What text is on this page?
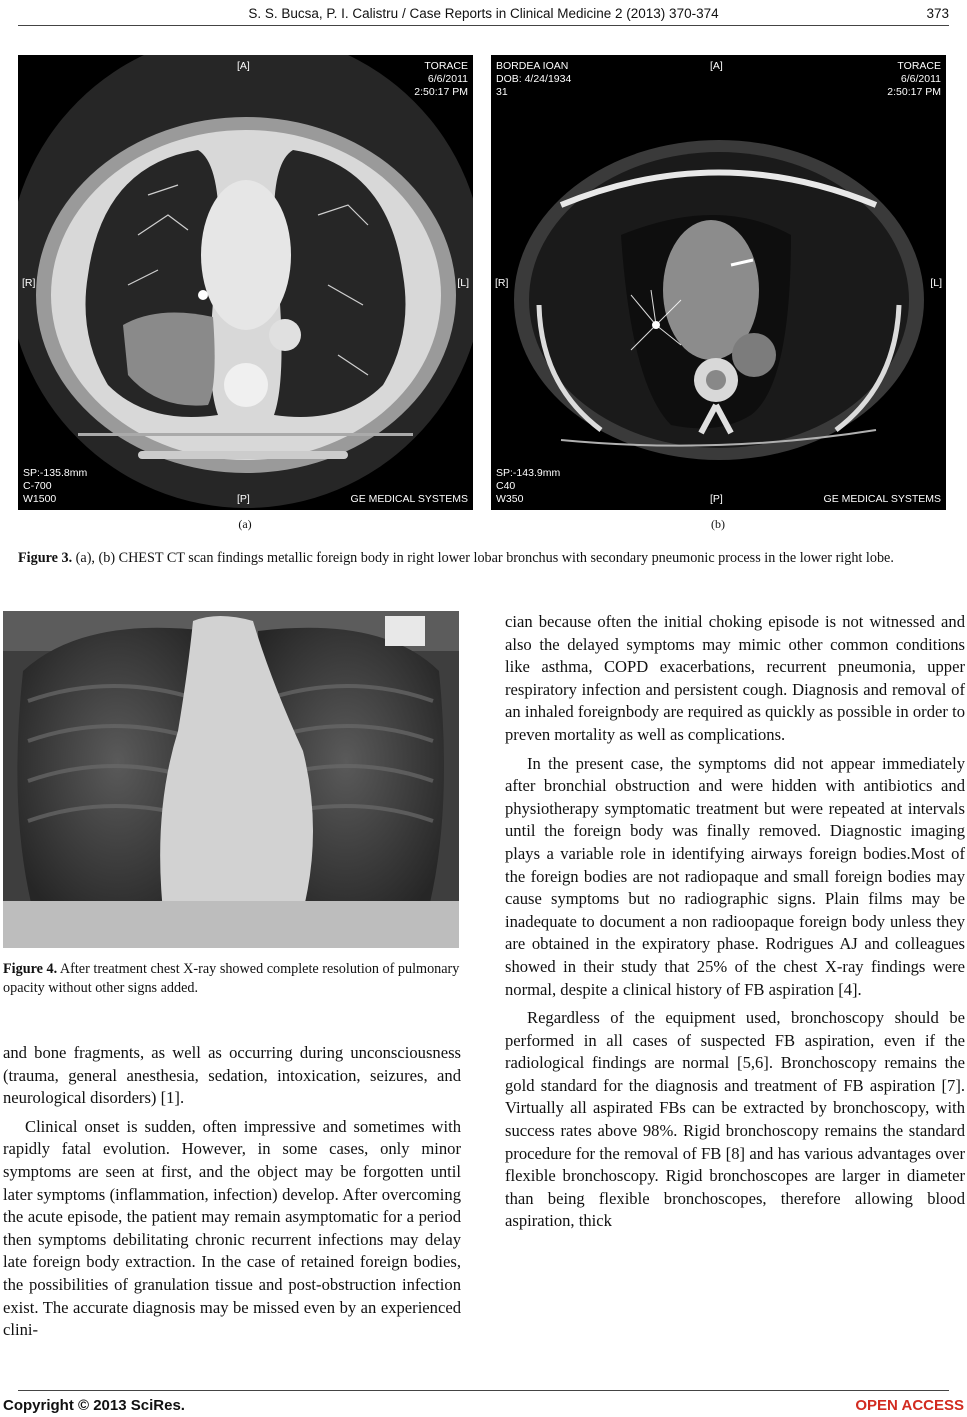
S. S. Bucsa, P. I. Calistru / Case Reports in Clinical Medicine 2 (2013) 370-374	373
[A]	TORACE
6/6/2011
2:50:17 PM
[R]	[L]
SP:-135.8mm
C-700
W1500	[P]	GE MEDICAL SYSTEMS
(a)
BORDEA IOAN
DOB: 4/24/1934
31
[A]	TORACE
6/6/2011
2:50:17 PM
[R]	[L]
SP:-143.9mm
C40
W350	[P]	GE MEDICAL SYSTEMS
(b)
Figure 3. (a), (b) CHEST CT scan findings metallic foreign body in right lower lobar bronchus with secondary pneumonic process in the lower right lobe.
Figure 4. After treatment chest X-ray showed complete resolution of pulmonary opacity without other signs added.

and bone fragments, as well as occurring during unconsciousness (trauma, general anesthesia, sedation, intoxication, seizures, and neurological disorders) [1].

Clinical onset is sudden, often impressive and sometimes with rapidly fatal evolution. However, in some cases, only minor symptoms are seen at first, and the object may be forgotten until later symptoms (inflammation, infection) develop. After overcoming the acute episode, the patient may remain asymptomatic for a period then symptoms debilitating chronic recurrent infections may delay late foreign body extraction. In the case of retained foreign bodies, the possibilities of granulation tissue and post-obstruction infection exist. The accurate diagnosis may be missed even by an experienced clini-

cian because often the initial choking episode is not witnessed and also the delayed symptoms may mimic other common conditions like asthma, COPD exacerbations, recurrent pneumonia, upper respiratory infection and persistent cough. Diagnosis and removal of an inhaled foreignbody are required as quickly as possible in order to preven mortality as well as complications.

In the present case, the symptoms did not appear immediately after bronchial obstruction and were hidden with antibiotics and physiotherapy symptomatic treatment but were repeated at intervals until the foreign body was finally removed. Diagnostic imaging plays a variable role in identifying airways foreign bodies.Most of the foreign bodies are not radiopaque and small foreign bodies may cause symptoms but no radiographic signs. Plain films may be inadequate to document a non radioopaque foreign body unless they are obtained in the expiratory phase. Rodrigues AJ and colleagues showed in their study that 25% of the chest X-ray findings were normal, despite a clinical history of FB aspiration [4].

Regardless of the equipment used, bronchoscopy should be performed in all cases of suspected FB aspiration, even if the radiological findings are normal [5,6]. Bronchoscopy remains the gold standard for the diagnosis and treatment of FB aspiration [7]. Virtually all aspirated FBs can be extracted by bronchoscopy, with success rates above 98%. Rigid bronchoscopy remains the standard procedure for the removal of FB [8] and has various advantages over flexible bronchoscopy. Rigid bronchoscopes are larger in diameter than being flexible bronchoscopes, therefore allowing blood aspiration, thick

Copyright © 2013 SciRes.	OPEN ACCESS
